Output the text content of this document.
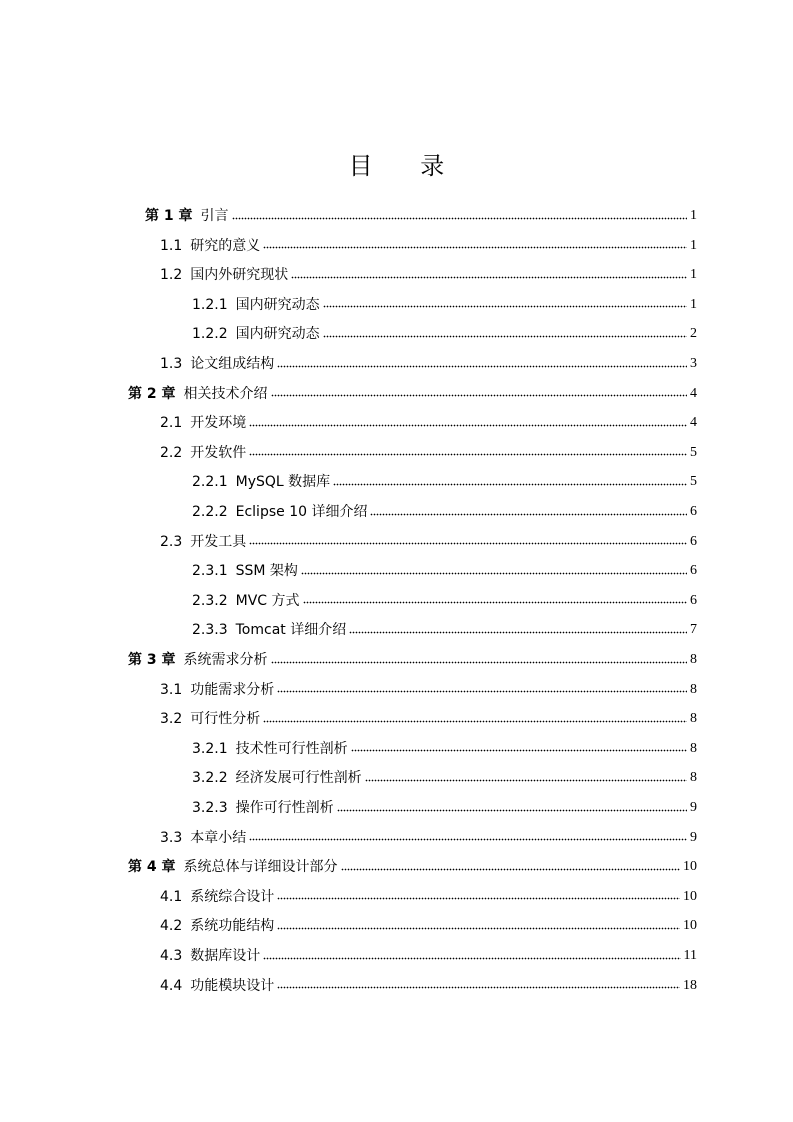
目 录
第 1 章 引言	1
1.1 研究的意义	1
1.2 国内外研究现状	1
1.2.1 国内研究动态	1
1.2.2 国内研究动态	2
1.3 论文组成结构	3
第 2 章 相关技术介绍	4
2.1 开发环境	4
2.2 开发软件	5
2.2.1 MySQL 数据库	5
2.2.2 Eclipse 10 详细介绍	6
2.3 开发工具	6
2.3.1 SSM 架构	6
2.3.2 MVC 方式	6
2.3.3 Tomcat 详细介绍	7
第 3 章 系统需求分析	8
3.1 功能需求分析	8
3.2 可行性分析	8
3.2.1 技术性可行性剖析	8
3.2.2 经济发展可行性剖析	8
3.2.3 操作可行性剖析	9
3.3 本章小结	9
第 4 章 系统总体与详细设计部分	10
4.1 系统综合设计	10
4.2 系统功能结构	10
4.3 数据库设计	11
4.4 功能模块设计	18
